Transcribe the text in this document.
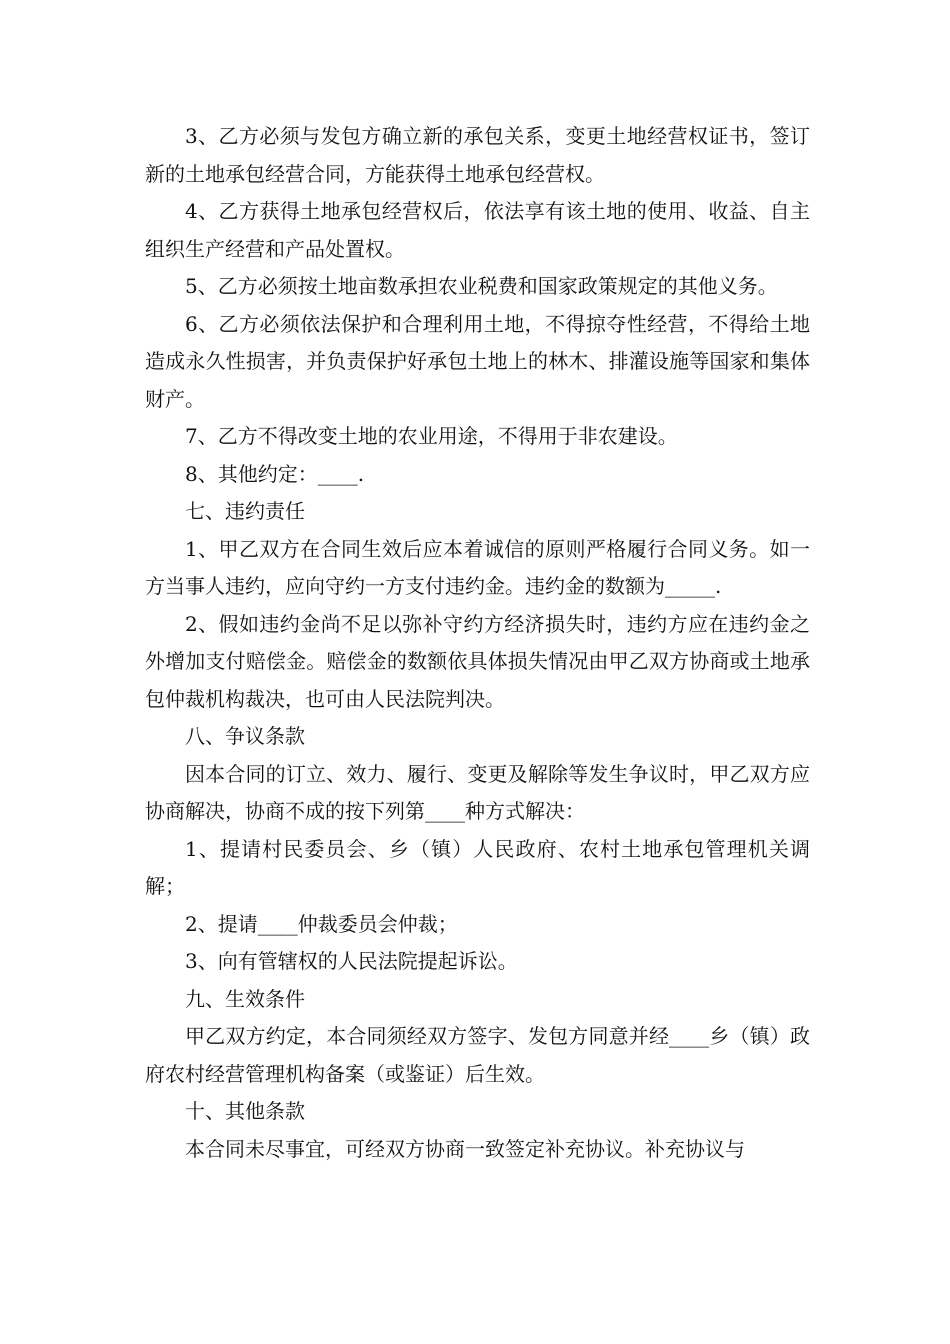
3、乙方必须与发包方确立新的承包关系，变更土地经营权证书，签订新的土地承包经营合同，方能获得土地承包经营权。

4、乙方获得土地承包经营权后，依法享有该土地的使用、收益、自主组织生产经营和产品处置权。

5、乙方必须按土地亩数承担农业税费和国家政策规定的其他义务。

6、乙方必须依法保护和合理利用土地，不得掠夺性经营，不得给土地造成永久性损害，并负责保护好承包土地上的林木、排灌设施等国家和集体财产。

7、乙方不得改变土地的农业用途，不得用于非农建设。

8、其他约定：____.

七、违约责任

1、甲乙双方在合同生效后应本着诚信的原则严格履行合同义务。如一方当事人违约，应向守约一方支付违约金。违约金的数额为_____.

2、假如违约金尚不足以弥补守约方经济损失时，违约方应在违约金之外增加支付赔偿金。赔偿金的数额依具体损失情况由甲乙双方协商或土地承包仲裁机构裁决，也可由人民法院判决。

八、争议条款

因本合同的订立、效力、履行、变更及解除等发生争议时，甲乙双方应协商解决，协商不成的按下列第____种方式解决：

1、提请村民委员会、乡（镇）人民政府、农村土地承包管理机关调解；

2、提请____仲裁委员会仲裁；

3、向有管辖权的人民法院提起诉讼。

九、生效条件

甲乙双方约定，本合同须经双方签字、发包方同意并经____乡（镇）政府农村经营管理机构备案（或鉴证）后生效。

十、其他条款

本合同未尽事宜，可经双方协商一致签定补充协议。补充协议与
